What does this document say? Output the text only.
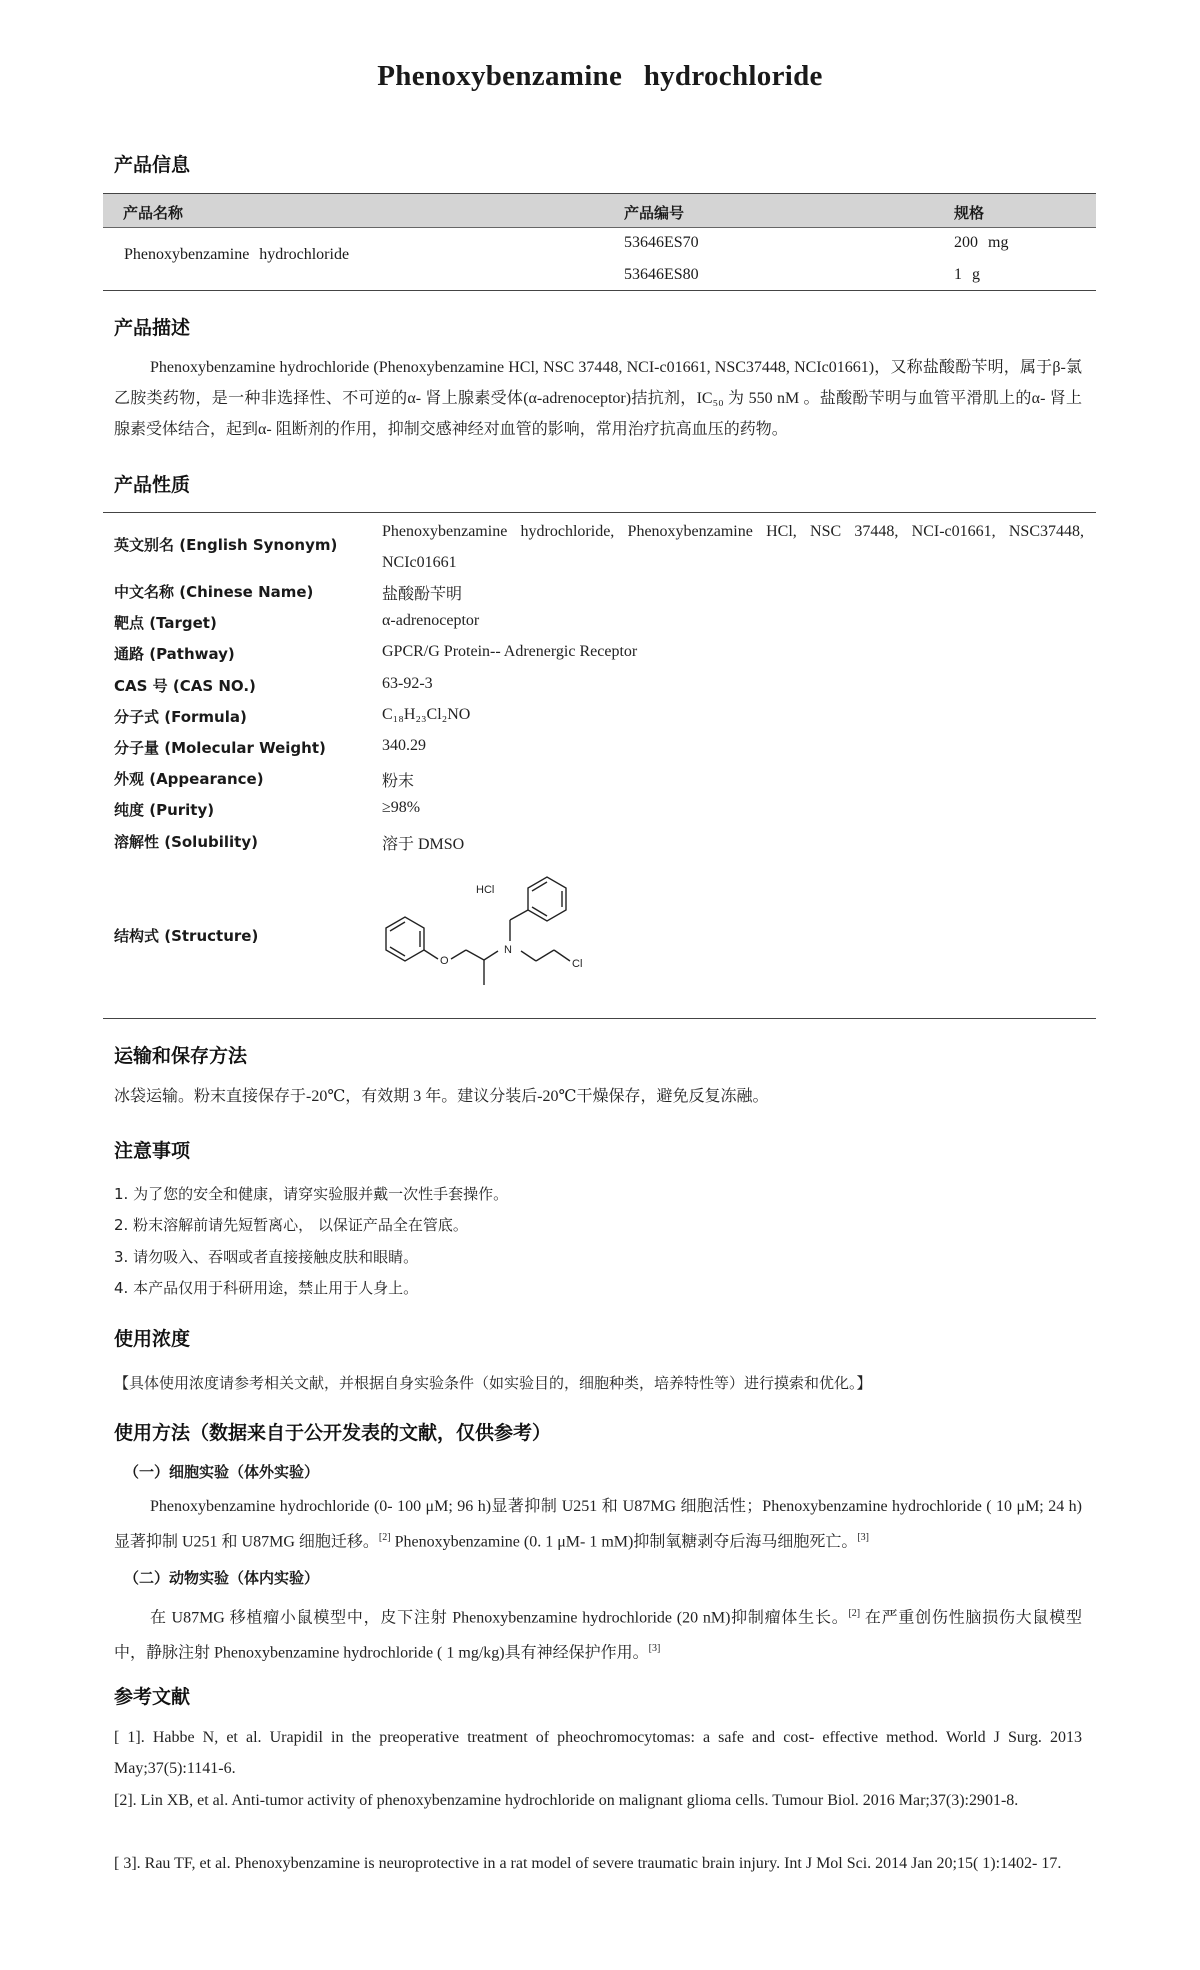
Phenoxybenzamine hydrochloride
产品信息
产品名称	产品编号	规格
Phenoxybenzamine hydrochloride
53646ES70	200 mg
53646ES80	1 g
产品描述
Phenoxybenzamine hydrochloride (Phenoxybenzamine HCl, NSC 37448, NCI-c01661, NSC37448, NCIc01661)，又称盐酸酚苄明，属于β-氯乙胺类药物，是一种非选择性、不可逆的α- 肾上腺素受体(α-adrenoceptor)拮抗剂，IC₅₀ 为 550 nM 。盐酸酚苄明与血管平滑肌上的α- 肾上腺素受体结合，起到α- 阻断剂的作用，抑制交感神经对血管的影响，常用治疗抗高血压的药物。
产品性质
英文别名 (English Synonym)
Phenoxybenzamine hydrochloride, Phenoxybenzamine HCl, NSC 37448, NCI-c01661, NSC37448, NCIc01661
中文名称 (Chinese Name)	盐酸酚苄明
靶点 (Target)	α-adrenoceptor
通路 (Pathway)	GPCR/G Protein-- Adrenergic Receptor
CAS 号 (CAS NO.)	63-92-3
分子式 (Formula)	C₁₈H₂₃Cl₂NO
分子量 (Molecular Weight)	340.29
外观 (Appearance)	粉末
纯度 (Purity)	≥98%
溶解性 (Solubility)	溶于 DMSO
结构式 (Structure)
HCl
O
N
Cl
运输和保存方法
冰袋运输。粉末直接保存于-20℃，有效期 3 年。建议分装后-20℃干燥保存，避免反复冻融。
注意事项
1. 为了您的安全和健康，请穿实验服并戴一次性手套操作。
2. 粉末溶解前请先短暂离心， 以保证产品全在管底。
3. 请勿吸入、吞咽或者直接接触皮肤和眼睛。
4. 本产品仅用于科研用途，禁止用于人身上。
使用浓度
【具体使用浓度请参考相关文献，并根据自身实验条件（如实验目的，细胞种类，培养特性等）进行摸索和优化。】
使用方法（数据来自于公开发表的文献，仅供参考）
（一）细胞实验（体外实验）
Phenoxybenzamine hydrochloride (0- 100 μM; 96 h)显著抑制 U251 和 U87MG 细胞活性；Phenoxybenzamine hydrochloride ( 10 μM; 24 h)显著抑制 U251 和 U87MG 细胞迁移。[2] Phenoxybenzamine (0. 1 μM- 1 mM)抑制氧糖剥夺后海马细胞死亡。[3]
（二）动物实验（体内实验）
在 U87MG 移植瘤小鼠模型中，皮下注射 Phenoxybenzamine hydrochloride (20 nM)抑制瘤体生长。[2] 在严重创伤性脑损伤大鼠模型中，静脉注射 Phenoxybenzamine hydrochloride ( 1 mg/kg)具有神经保护作用。[3]
参考文献
[ 1]. Habbe N, et al. Urapidil in the preoperative treatment of pheochromocytomas: a safe and cost- effective method. World J Surg. 2013 May;37(5):1141-6.
[2]. Lin XB, et al. Anti-tumor activity of phenoxybenzamine hydrochloride on malignant glioma cells. Tumour Biol. 2016 Mar;37(3):2901-8.
[ 3]. Rau TF, et al. Phenoxybenzamine is neuroprotective in a rat model of severe traumatic brain injury. Int J Mol Sci. 2014 Jan 20;15( 1):1402- 17.
